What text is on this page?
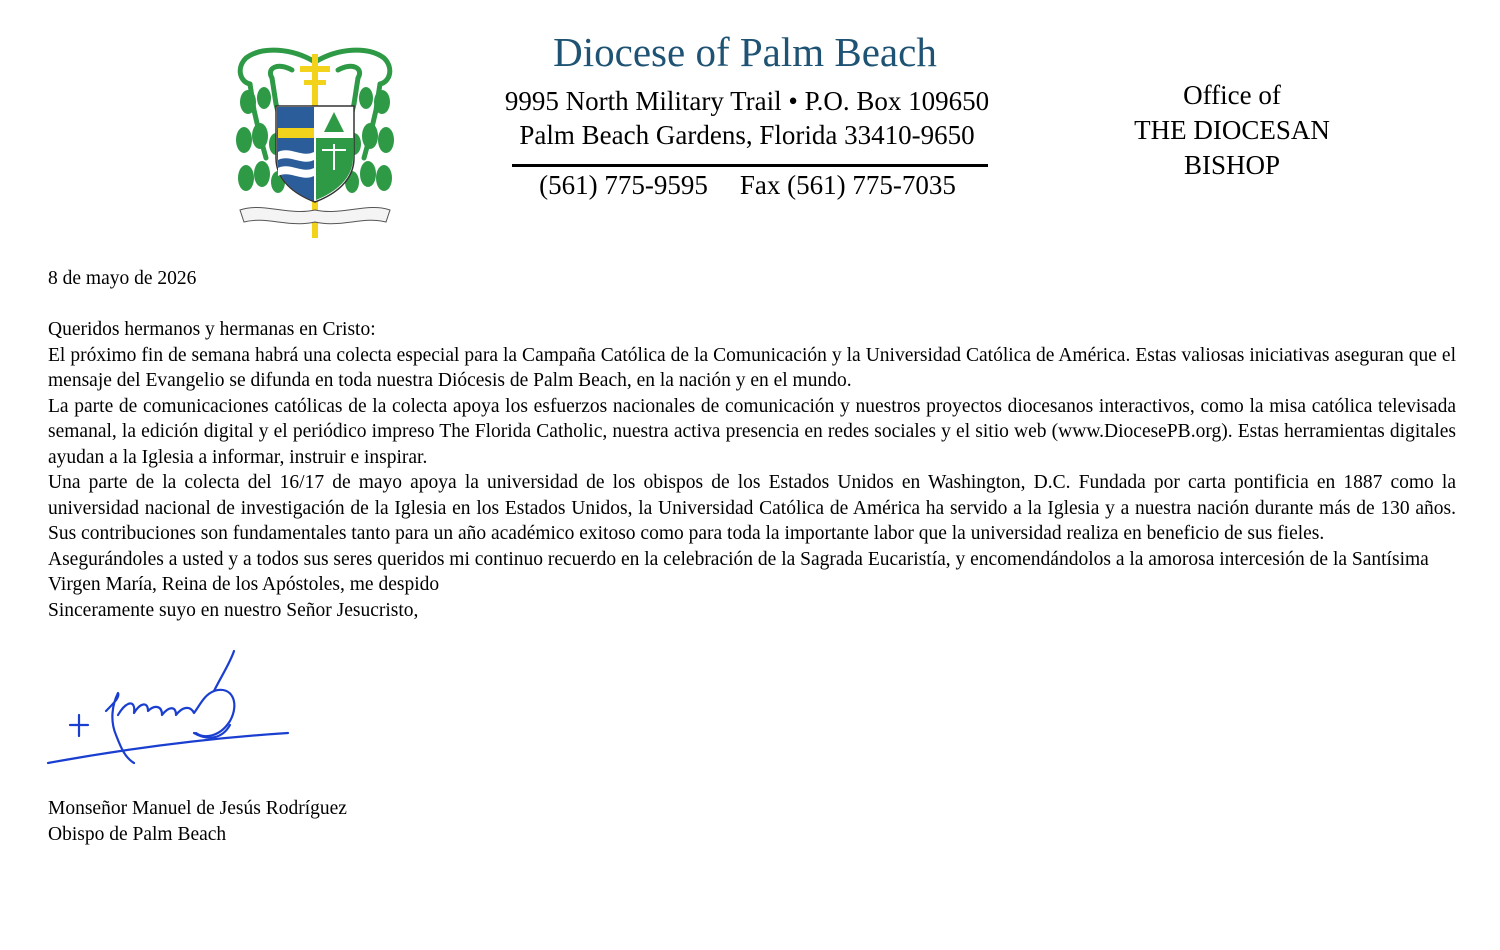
Diocese of Palm Beach
9995 North Military Trail • P.O. Box 109650
Palm Beach Gardens, Florida 33410-9650
(561) 775-9595 Fax (561) 775-7035
Office of
THE DIOCESAN
BISHOP
8 de mayo de 2026

Queridos hermanos y hermanas en Cristo:

El próximo fin de semana habrá una colecta especial para la Campaña Católica de la Comunicación y la Universidad Católica de América. Estas valiosas iniciativas aseguran que el mensaje del Evangelio se difunda en toda nuestra Diócesis de Palm Beach, en la nación y en el mundo.

La parte de comunicaciones católicas de la colecta apoya los esfuerzos nacionales de comunicación y nuestros proyectos diocesanos interactivos, como la misa católica televisada semanal, la edición digital y el periódico impreso The Florida Catholic, nuestra activa presencia en redes sociales y el sitio web (www.DiocesePB.org). Estas herramientas digitales ayudan a la Iglesia a informar, instruir e inspirar.

Una parte de la colecta del 16/17 de mayo apoya la universidad de los obispos de los Estados Unidos en Washington, D.C. Fundada por carta pontificia en 1887 como la universidad nacional de investigación de la Iglesia en los Estados Unidos, la Universidad Católica de América ha servido a la Iglesia y a nuestra nación durante más de 130 años. Sus contribuciones son fundamentales tanto para un año académico exitoso como para toda la importante labor que la universidad realiza en beneficio de sus fieles.

Asegurándoles a usted y a todos sus seres queridos mi continuo recuerdo en la celebración de la Sagrada Eucaristía, y encomendándolos a la amorosa intercesión de la Santísima Virgen María, Reina de los Apóstoles, me despido

Sinceramente suyo en nuestro Señor Jesucristo,

Monseñor Manuel de Jesús Rodríguez
Obispo de Palm Beach
